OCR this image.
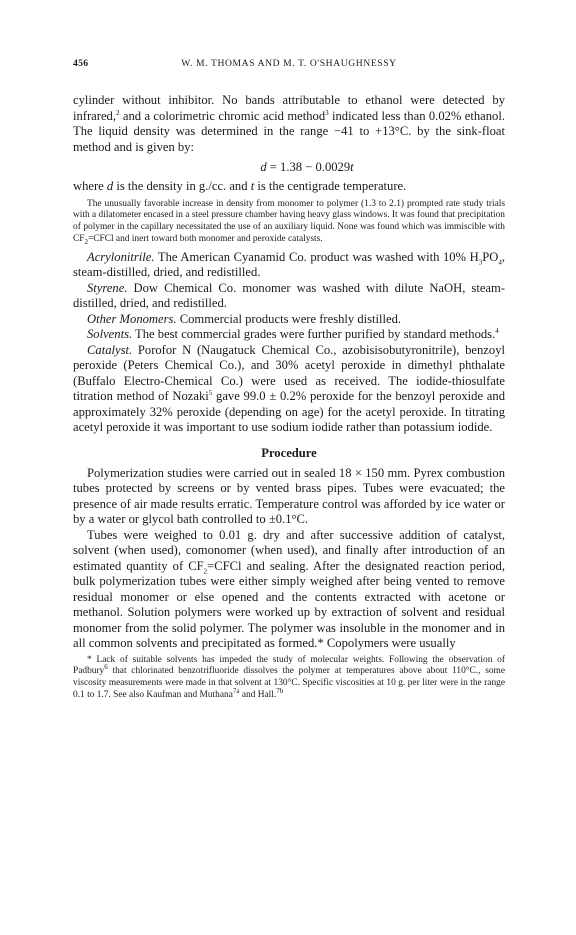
456	W. M. THOMAS AND M. T. O'SHAUGHNESSY

cylinder without inhibitor. No bands attributable to ethanol were detected by infrared,$^2$ and a colorimetric chromic acid method$^3$ indicated less than 0.02% ethanol. The liquid density was determined in the range −41 to +13°C. by the sink-float method and is given by:

d = 1.38 − 0.0029t

where d is the density in g./cc. and t is the centigrade temperature.

The unusually favorable increase in density from monomer to polymer (1.3 to 2.1) prompted rate study trials with a dilatometer encased in a steel pressure chamber having heavy glass windows. It was found that precipitation of polymer in the capillary necessitated the use of an auxiliary liquid. None was found which was immiscible with $CF_2=CFCl$ and inert toward both monomer and peroxide catalysts.

Acrylonitrile. The American Cyanamid Co. product was washed with 10% $H_3PO_4$, steam-distilled, dried, and redistilled.

Styrene. Dow Chemical Co. monomer was washed with dilute NaOH, steam-distilled, dried, and redistilled.

Other Monomers. Commercial products were freshly distilled.

Solvents. The best commercial grades were further purified by standard methods.$^4$

Catalyst. Porofor N (Naugatuck Chemical Co., azobisisobutyronitrile), benzoyl peroxide (Peters Chemical Co.), and 30% acetyl peroxide in dimethyl phthalate (Buffalo Electro-Chemical Co.) were used as received. The iodide-thiosulfate titration method of Nozaki$^5$ gave 99.0 ± 0.2% peroxide for the benzoyl peroxide and approximately 32% peroxide (depending on age) for the acetyl peroxide. In titrating acetyl peroxide it was important to use sodium iodide rather than potassium iodide.

Procedure

Polymerization studies were carried out in sealed 18 × 150 mm. Pyrex combustion tubes protected by screens or by vented brass pipes. Tubes were evacuated; the presence of air made results erratic. Temperature control was afforded by ice water or by a water or glycol bath controlled to ±0.1°C.

Tubes were weighed to 0.01 g. dry and after successive addition of catalyst, solvent (when used), comonomer (when used), and finally after introduction of an estimated quantity of $CF_2=CFCl$ and sealing. After the designated reaction period, bulk polymerization tubes were either simply weighed after being vented to remove residual monomer or else opened and the contents extracted with acetone or methanol. Solution polymers were worked up by extraction of solvent and residual monomer from the solid polymer. The polymer was insoluble in the monomer and in all common solvents and precipitated as formed.* Copolymers were usually

* Lack of suitable solvents has impeded the study of molecular weights. Following the observation of Padbury$^6$ that chlorinated benzotrifluoride dissolves the polymer at temperatures above about 110°C., some viscosity measurements were made in that solvent at 130°C. Specific viscosities at 10 g. per liter were in the range 0.1 to 1.7. See also Kaufman and Muthana$^{7a}$ and Hall.$^{7b}$
